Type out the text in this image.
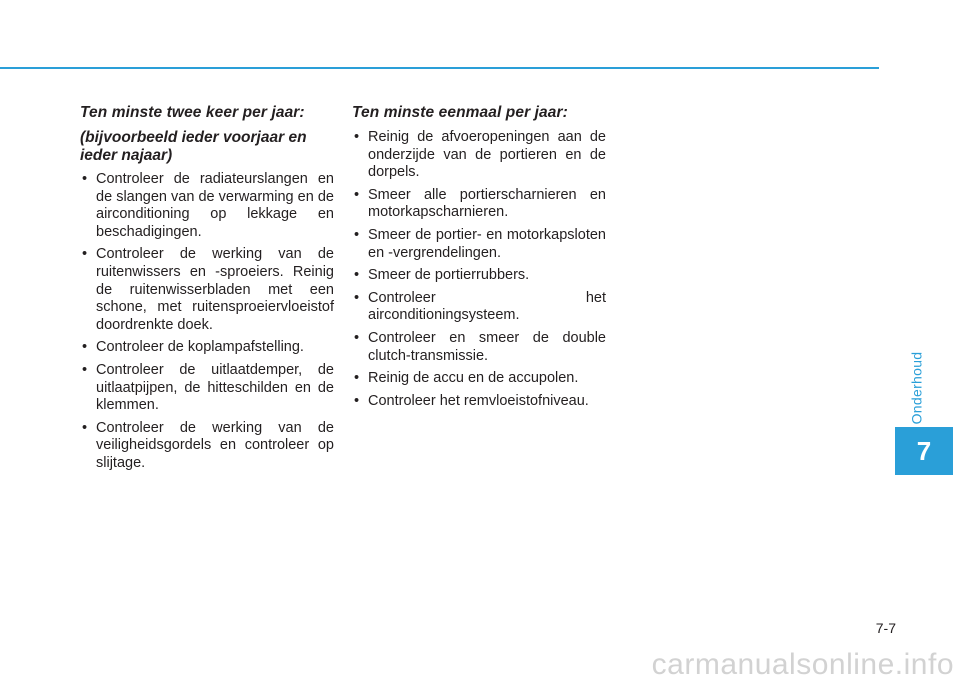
Ten minste twee keer per jaar:
(bijvoorbeeld ieder voorjaar en ieder najaar)
• Controleer de radiateurslangen en de slangen van de verwarming en de airconditioning op lekkage en beschadigingen.
• Controleer de werking van de ruitenwissers en -sproeiers. Reinig de ruitenwisserbladen met een schone, met ruitensproeiervloeistof doordrenkte doek.
• Controleer de koplampafstelling.
• Controleer de uitlaatdemper, de uitlaatpijpen, de hitteschilden en de klemmen.
• Controleer de werking van de veiligheidsgordels en controleer op slijtage.
Ten minste eenmaal per jaar:
• Reinig de afvoeropeningen aan de onderzijde van de portieren en de dorpels.
• Smeer alle portierscharnieren en motorkapscharnieren.
• Smeer de portier- en motorkapsloten en -vergrendelingen.
• Smeer de portierrubbers.
• Controleer het airconditioningsysteem.
• Controleer en smeer de double clutch-transmissie.
• Reinig de accu en de accupolen.
• Controleer het remvloeistofniveau.	Onderhoud
7
7-7
carmanualsonline.info
